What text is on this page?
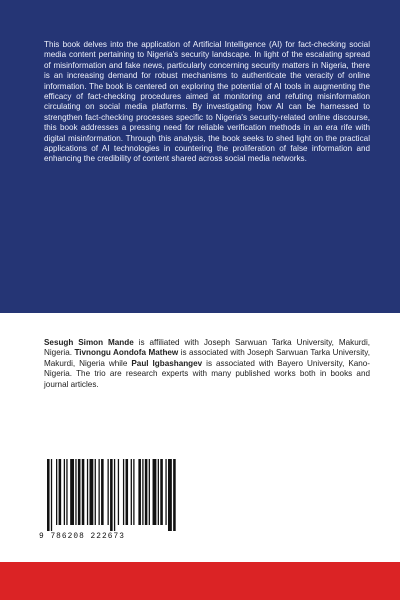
This book delves into the application of Artificial Intelligence (AI) for fact-checking social media content pertaining to Nigeria's security landscape. In light of the escalating spread of misinformation and fake news, particularly concerning security matters in Nigeria, there is an increasing demand for robust mechanisms to authenticate the veracity of online information. The book is centered on exploring the potential of AI tools in augmenting the efficacy of fact-checking procedures aimed at monitoring and refuting misinformation circulating on social media platforms. By investigating how AI can be harnessed to strengthen fact-checking processes specific to Nigeria's security-related online discourse, this book addresses a pressing need for reliable verification methods in an era rife with digital misinformation. Through this analysis, the book seeks to shed light on the practical applications of AI technologies in countering the proliferation of false information and enhancing the credibility of content shared across social media networks.

Sesugh Simon Mande is affiliated with Joseph Sarwuan Tarka University, Makurdi, Nigeria. Tivnongu Aondofa Mathew is associated with Joseph Sarwuan Tarka University, Makurdi, Nigeria while Paul Igbashangev is associated with Bayero University, Kano-Nigeria. The trio are research experts with many published works both in books and journal articles.

9 786208 222673
